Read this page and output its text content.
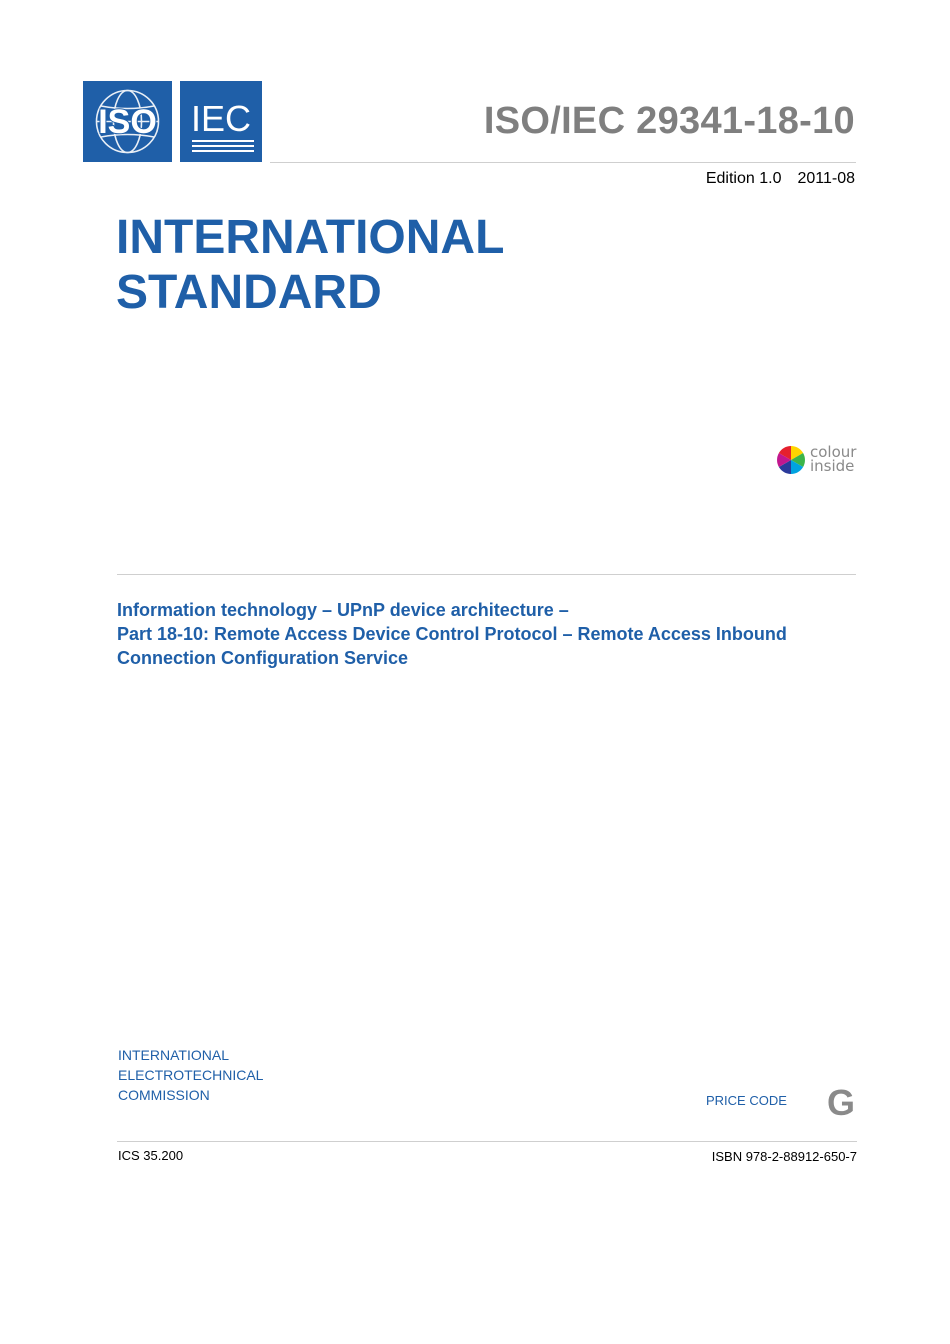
ISO IEC	ISO/IEC 29341-18-10
Edition 1.0 2011-08
INTERNATIONAL
STANDARD
colour
inside
Information technology – UPnP device architecture –
Part 18-10: Remote Access Device Control Protocol – Remote Access Inbound
Connection Configuration Service
INTERNATIONAL
ELECTROTECHNICAL
COMMISSION	PRICE CODE G
ICS 35.200	ISBN 978-2-88912-650-7
